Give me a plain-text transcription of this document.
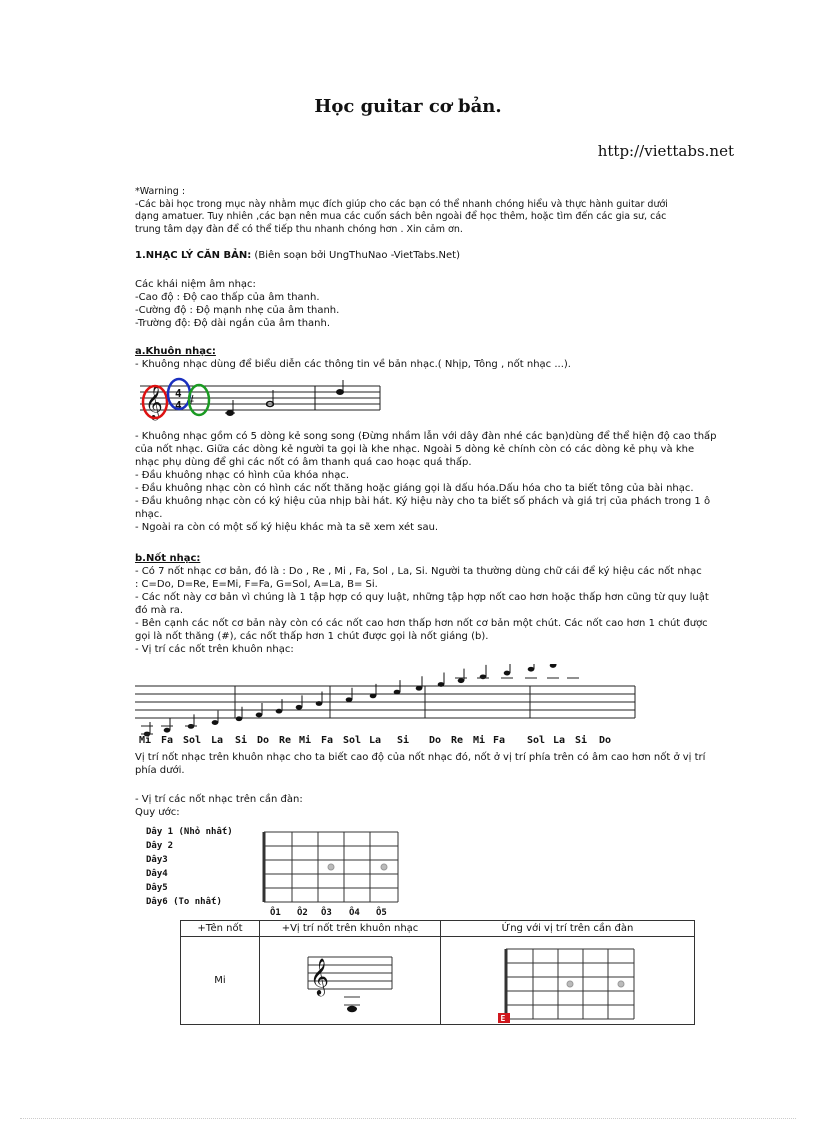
Học guitar cơ bản.
http://viettabs.net
*Warning :
-Các bài học trong mục này nhằm mục đích giúp cho các bạn có thể nhanh chóng hiểu và thực hành guitar dưới
dạng amatuer. Tuy nhiên ,các bạn nên mua các cuốn sách bên ngoài để học thêm, hoặc tìm đến các gia sư, các
trung tâm dạy đàn để có thể tiếp thu nhanh chóng hơn . Xin cảm ơn.
1.NHẠC LÝ CĂN BẢN: (Biên soạn bởi UngThuNao -VietTabs.Net)
Các khái niệm âm nhạc:
-Cao độ : Độ cao thấp của âm thanh.
-Cường độ : Độ mạnh nhẹ của âm thanh.
-Trường độ: Độ dài ngắn của âm thanh.
a.Khuôn nhạc:
- Khuông nhạc dùng để biểu diễn các thông tin về bản nhạc.( Nhịp, Tông , nốt nhạc ...).
𝄞 4
4 #
- Khuông nhạc gồm có 5 dòng kẻ song song (Đừng nhầm lẫn với dây đàn nhé các bạn)dùng để thể hiện độ cao thấp
của nốt nhạc. Giữa các dòng kẻ người ta gọi là khe nhạc. Ngoài 5 dòng kẻ chính còn có các dòng kẻ phụ và khe
nhạc phụ dùng để ghi các nốt có âm thanh quá cao hoạc quá thấp.
- Đầu khuông nhạc có hình của khóa nhạc.
- Đầu khuông nhạc còn có hình các nốt thăng hoặc giáng gọi là dấu hóa.Dấu hóa cho ta biết tông của bài nhạc.
- Đầu khuông nhạc còn có ký hiệu của nhịp bài hát. Ký hiệu này cho ta biết số phách và giá trị của phách trong 1 ô
nhạc.
- Ngoài ra còn có một số ký hiệu khác mà ta sẽ xem xét sau.
b.Nốt nhạc:
- Có 7 nốt nhạc cơ bản, đó là : Do , Re , Mi , Fa, Sol , La, Si. Người ta thường dùng chữ cái để ký hiệu các nốt nhạc
: C=Do, D=Re, E=Mi, F=Fa, G=Sol, A=La, B= Si.
- Các nốt này cơ bản vì chúng là 1 tập hợp có quy luật, những tập hợp nốt cao hơn hoặc thấp hơn cũng từ quy luật
đó mà ra.
- Bên cạnh các nốt cơ bản này còn có các nốt cao hơn thấp hơn nốt cơ bản một chút. Các nốt cao hơn 1 chút được
gọi là nốt thăng (#), các nốt thấp hơn 1 chút được gọi là nốt giáng (b).
- Vị trí các nốt trên khuôn nhạc:
Mi Fa Sol La Si Do Re Mi Fa Sol La Si Do Re Mi Fa Sol La Si Do
Vị trí nốt nhạc trên khuôn nhạc cho ta biết cao độ của nốt nhạc đó, nốt ở vị trí phía trên có âm cao hơn nốt ở vị trí
phía dưới.
- Vị trí các nốt nhạc trên cần đàn:
Quy ước:
Dây 1 (Nhỏ nhất)
Dây 2
Dây3
Dây4
Dây5
Dây6 (To nhất)
Ô1 Ô2 Ô3 Ô4 Ô5
+Tên nốt	+Vị trí nốt trên khuôn nhạc	Ứng với vị trí trên cần đàn
Mi	𝄞	E
